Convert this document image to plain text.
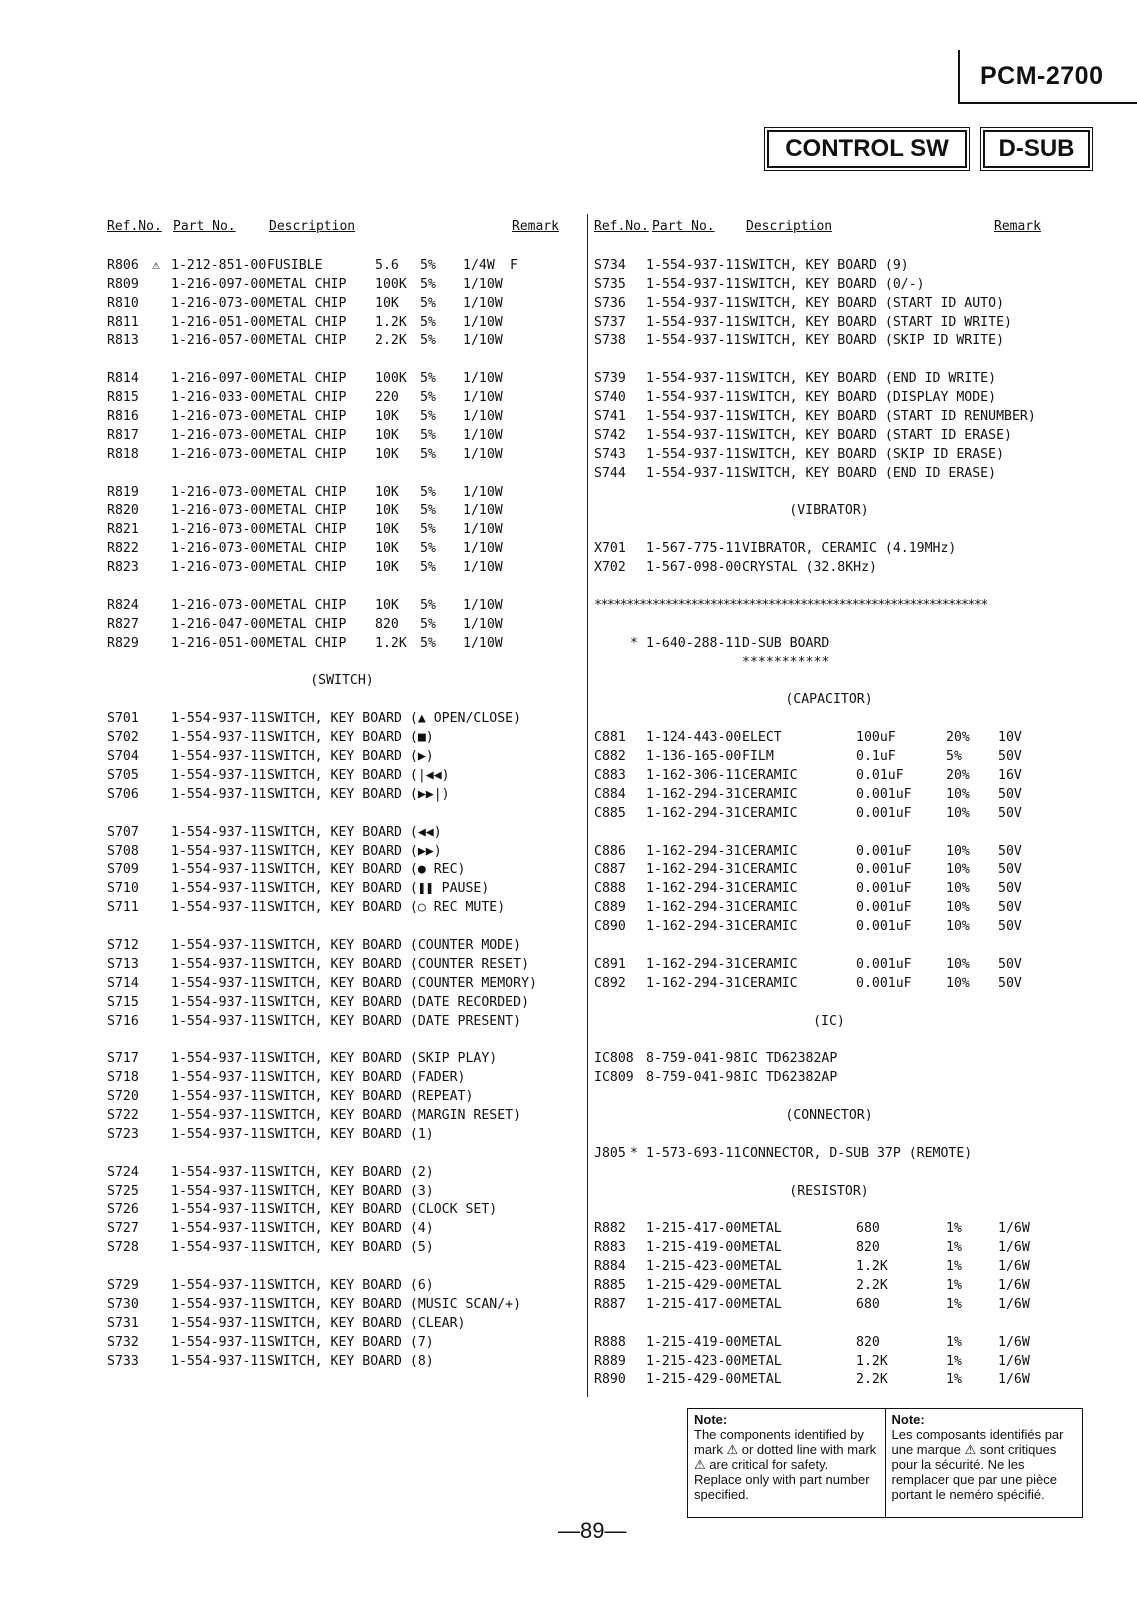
PCM-2700
CONTROL SW	D-SUB
Ref.No. Part No.	Description	Remark
R806 ⚠ 1-212-851-00 FUSIBLE	5.6 5% 1/4W F
R809 1-216-097-00 METAL CHIP 100K 5% 1/10W
R810 1-216-073-00 METAL CHIP 10K 5% 1/10W
R811 1-216-051-00 METAL CHIP 1.2K 5% 1/10W
R813 1-216-057-00 METAL CHIP 2.2K 5% 1/10W
R814 1-216-097-00 METAL CHIP 100K 5% 1/10W
R815 1-216-033-00 METAL CHIP 220 5% 1/10W
R816 1-216-073-00 METAL CHIP 10K 5% 1/10W
R817 1-216-073-00 METAL CHIP 10K 5% 1/10W
R818 1-216-073-00 METAL CHIP 10K 5% 1/10W
R819 1-216-073-00 METAL CHIP 10K 5% 1/10W
R820 1-216-073-00 METAL CHIP 10K 5% 1/10W
R821 1-216-073-00 METAL CHIP 10K 5% 1/10W
R822 1-216-073-00 METAL CHIP 10K 5% 1/10W
R823 1-216-073-00 METAL CHIP 10K 5% 1/10W
R824 1-216-073-00 METAL CHIP 10K 5% 1/10W
R827 1-216-047-00 METAL CHIP 820 5% 1/10W
R829 1-216-051-00 METAL CHIP 1.2K 5% 1/10W
(SWITCH)
S701 1-554-937-11 SWITCH, KEY BOARD (▲ OPEN/CLOSE)
S702 1-554-937-11 SWITCH, KEY BOARD (■)
S704 1-554-937-11 SWITCH, KEY BOARD (▶)
S705 1-554-937-11 SWITCH, KEY BOARD (|◀◀)
S706 1-554-937-11 SWITCH, KEY BOARD (▶▶|)
S707 1-554-937-11 SWITCH, KEY BOARD (◀◀)
S708 1-554-937-11 SWITCH, KEY BOARD (▶▶)
S709 1-554-937-11 SWITCH, KEY BOARD (● REC)
S710 1-554-937-11 SWITCH, KEY BOARD (❚❚ PAUSE)
S711 1-554-937-11 SWITCH, KEY BOARD (○ REC MUTE)
S712 1-554-937-11 SWITCH, KEY BOARD (COUNTER MODE)
S713 1-554-937-11 SWITCH, KEY BOARD (COUNTER RESET)
S714 1-554-937-11 SWITCH, KEY BOARD (COUNTER MEMORY)
S715 1-554-937-11 SWITCH, KEY BOARD (DATE RECORDED)
S716 1-554-937-11 SWITCH, KEY BOARD (DATE PRESENT)
S717 1-554-937-11 SWITCH, KEY BOARD (SKIP PLAY)
S718 1-554-937-11 SWITCH, KEY BOARD (FADER)
S720 1-554-937-11 SWITCH, KEY BOARD (REPEAT)
S722 1-554-937-11 SWITCH, KEY BOARD (MARGIN RESET)
S723 1-554-937-11 SWITCH, KEY BOARD (1)
S724 1-554-937-11 SWITCH, KEY BOARD (2)
S725 1-554-937-11 SWITCH, KEY BOARD (3)
S726 1-554-937-11 SWITCH, KEY BOARD (CLOCK SET)
S727 1-554-937-11 SWITCH, KEY BOARD (4)
S728 1-554-937-11 SWITCH, KEY BOARD (5)
S729 1-554-937-11 SWITCH, KEY BOARD (6)
S730 1-554-937-11 SWITCH, KEY BOARD (MUSIC SCAN/+)
S731 1-554-937-11 SWITCH, KEY BOARD (CLEAR)
S732 1-554-937-11 SWITCH, KEY BOARD (7)
S733 1-554-937-11 SWITCH, KEY BOARD (8)
Ref.No. Part No. Description	Remark
S734 1-554-937-11 SWITCH, KEY BOARD (9)
S735 1-554-937-11 SWITCH, KEY BOARD (0/-)
S736 1-554-937-11 SWITCH, KEY BOARD (START ID AUTO)
S737 1-554-937-11 SWITCH, KEY BOARD (START ID WRITE)
S738 1-554-937-11 SWITCH, KEY BOARD (SKIP ID WRITE)
S739 1-554-937-11 SWITCH, KEY BOARD (END ID WRITE)
S740 1-554-937-11 SWITCH, KEY BOARD (DISPLAY MODE)
S741 1-554-937-11 SWITCH, KEY BOARD (START ID RENUMBER)
S742 1-554-937-11 SWITCH, KEY BOARD (START ID ERASE)
S743 1-554-937-11 SWITCH, KEY BOARD (SKIP ID ERASE)
S744 1-554-937-11 SWITCH, KEY BOARD (END ID ERASE)
(VIBRATOR)
X701 1-567-775-11 VIBRATOR, CERAMIC (4.19MHz)
X702 1-567-098-00 CRYSTAL (32.8KHz)
*************************************************************
* 1-640-288-11 D-SUB BOARD
***********
(CAPACITOR)
C881 1-124-443-00 ELECT	100uF	20% 10V
C882 1-136-165-00 FILM	0.1uF	5%	50V
C883 1-162-306-11 CERAMIC	0.01uF	20% 16V
C884 1-162-294-31 CERAMIC	0.001uF	10% 50V
C885 1-162-294-31 CERAMIC	0.001uF	10% 50V
C886 1-162-294-31 CERAMIC	0.001uF	10% 50V
C887 1-162-294-31 CERAMIC	0.001uF	10% 50V
C888 1-162-294-31 CERAMIC	0.001uF	10% 50V
C889 1-162-294-31 CERAMIC	0.001uF	10% 50V
C890 1-162-294-31 CERAMIC	0.001uF	10% 50V
C891 1-162-294-31 CERAMIC	0.001uF	10% 50V
C892 1-162-294-31 CERAMIC	0.001uF	10% 50V
(IC)
IC808 8-759-041-98 IC TD62382AP
IC809 8-759-041-98 IC TD62382AP
(CONNECTOR)
J805 * 1-573-693-11 CONNECTOR, D-SUB 37P (REMOTE)
(RESISTOR)
R882 1-215-417-00 METAL	680	1%	1/6W
R883 1-215-419-00 METAL	820	1%	1/6W
R884 1-215-423-00 METAL	1.2K	1%	1/6W
R885 1-215-429-00 METAL	2.2K	1%	1/6W
R887 1-215-417-00 METAL	680	1%	1/6W
R888 1-215-419-00 METAL	820	1%	1/6W
R889 1-215-423-00 METAL	1.2K	1%	1/6W
R890 1-215-429-00 METAL	2.2K	1%	1/6W
Note:
The components identified by mark ⚠ or dotted line with mark ⚠ are critical for safety. Replace only with part number specified.
Note:
Les composants identifiés par une marque ⚠ sont critiques pour la sécurité. Ne les remplacer que par une pièce portant le neméro spécifié.
—89—
